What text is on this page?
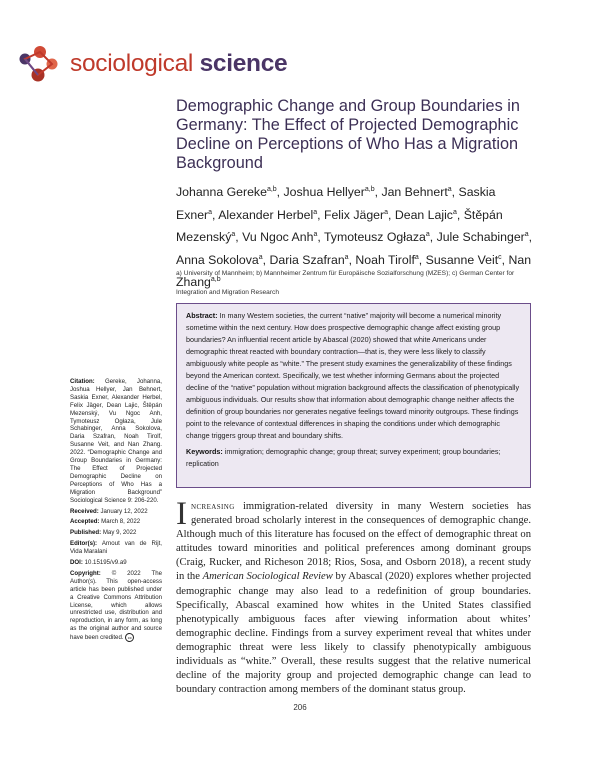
sociological science
Demographic Change and Group Boundaries in Germany: The Effect of Projected Demographic Decline on Perceptions of Who Has a Migration Background

Johanna Gereke$^{a,b}$, Joshua Hellyer$^{a,b}$, Jan Behnert$^a$, Saskia Exner$^a$, Alexander Herbel$^a$, Felix Jäger$^a$, Dean Lajic$^a$, Štěpán Mezenský$^a$, Vu Ngoc Anh$^a$, Tymoteusz Ogłaza$^a$, Jule Schabinger$^a$, Anna Sokolova$^a$, Daria Szafran$^a$, Noah Tirolf$^a$, Susanne Veit$^c$, Nan Zhang$^{a,b}$

a) University of Mannheim; b) Mannheimer Zentrum für Europäische Sozialforschung (MZES); c) German Center for Integration and Migration Research

Abstract: In many Western societies, the current “native” majority will become a numerical minority sometime within the next century. How does prospective demographic change affect existing group boundaries? An influential recent article by Abascal (2020) showed that white Americans under demographic threat reacted with boundary contraction—that is, they were less likely to classify ambiguously white people as “white.” The present study examines the generalizability of these findings beyond the American context. Specifically, we test whether informing Germans about the projected decline of the “native” population without migration background affects the classification of phenotypically ambiguous individuals. Our results show that information about demographic change neither affects the definition of group boundaries nor generates negative feelings toward minority outgroups. These findings point to the relevance of contextual differences in shaping the conditions under which demographic change triggers group threat and boundary shifts.

Keywords: immigration; demographic change; group threat; survey experiment; group boundaries; replication

Citation: Gereke, Johanna, Joshua Hellyer, Jan Behnert, Saskia Exner, Alexander Herbel, Felix Jäger, Dean Lajic, Štěpán Mezenský, Vu Ngoc Anh, Tymoteusz Ogłaza, Jule Schabinger, Anna Sokolova, Daria Szafran, Noah Tirolf, Susanne Veit, and Nan Zhang. 2022. “Demographic Change and Group Boundaries in Germany: The Effect of Projected Demographic Decline on Perceptions of Who Has a Migration Background” Sociological Science 9: 206-220.

Received: January 12, 2022

Accepted: March 8, 2022

Published: May 9, 2022

Editor(s): Arnout van de Rijt, Vida Maralani

DOI: 10.15195/v9.a9

Copyright: © 2022 The Author(s). This open-access article has been published under a Creative Commons Attribution License, which allows unrestricted use, distribution and reproduction, in any form, as long as the original author and source have been credited. cc

Increasing immigration-related diversity in many Western societies has generated broad scholarly interest in the consequences of demographic change. Although much of this literature has focused on the effect of demographic threat on attitudes toward minorities and political preferences among dominant groups (Craig, Rucker, and Richeson 2018; Rios, Sosa, and Osborn 2018), a recent study in the American Sociological Review by Abascal (2020) explores whether projected demographic change may also lead to a redefinition of group boundaries. Specifically, Abascal examined how whites in the United States classified phenotypically ambiguous faces after viewing information about whites’ demographic decline. Findings from a survey experiment reveal that whites under demographic threat were less likely to classify phenotypically ambiguous individuals as “white.” Overall, these results suggest that the relative numerical decline of the majority group and projected demographic change can lead to boundary contraction among members of the dominant status group.

206
